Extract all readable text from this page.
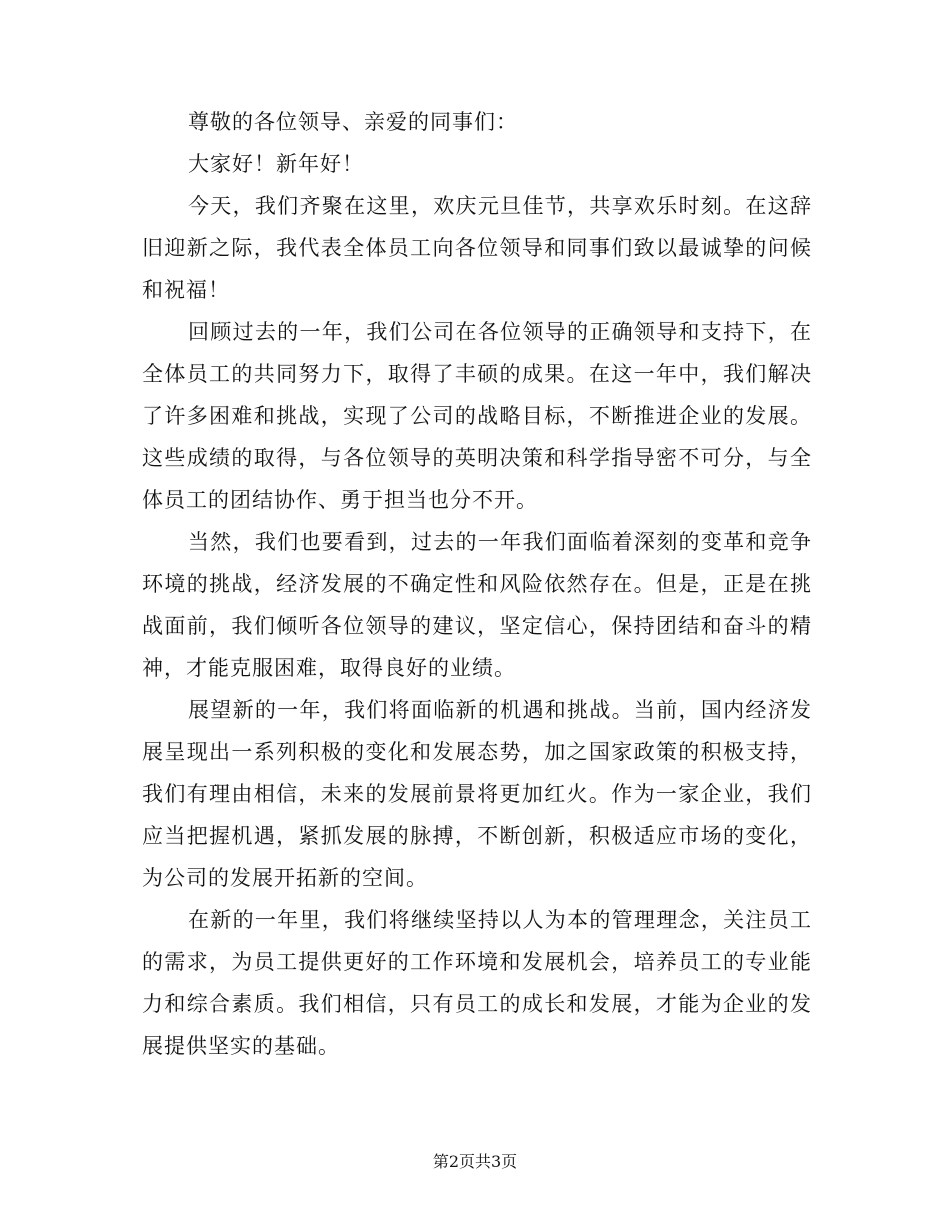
尊敬的各位领导、亲爱的同事们：

大家好！新年好！

今天，我们齐聚在这里，欢庆元旦佳节，共享欢乐时刻。在这辞旧迎新之际，我代表全体员工向各位领导和同事们致以最诚挚的问候和祝福！

回顾过去的一年，我们公司在各位领导的正确领导和支持下，在全体员工的共同努力下，取得了丰硕的成果。在这一年中，我们解决了许多困难和挑战，实现了公司的战略目标，不断推进企业的发展。这些成绩的取得，与各位领导的英明决策和科学指导密不可分，与全体员工的团结协作、勇于担当也分不开。

当然，我们也要看到，过去的一年我们面临着深刻的变革和竞争环境的挑战，经济发展的不确定性和风险依然存在。但是，正是在挑战面前，我们倾听各位领导的建议，坚定信心，保持团结和奋斗的精神，才能克服困难，取得良好的业绩。

展望新的一年，我们将面临新的机遇和挑战。当前，国内经济发展呈现出一系列积极的变化和发展态势，加之国家政策的积极支持，我们有理由相信，未来的发展前景将更加红火。作为一家企业，我们应当把握机遇，紧抓发展的脉搏，不断创新，积极适应市场的变化，为公司的发展开拓新的空间。

在新的一年里，我们将继续坚持以人为本的管理理念，关注员工的需求，为员工提供更好的工作环境和发展机会，培养员工的专业能力和综合素质。我们相信，只有员工的成长和发展，才能为企业的发展提供坚实的基础。

第2页共3页
